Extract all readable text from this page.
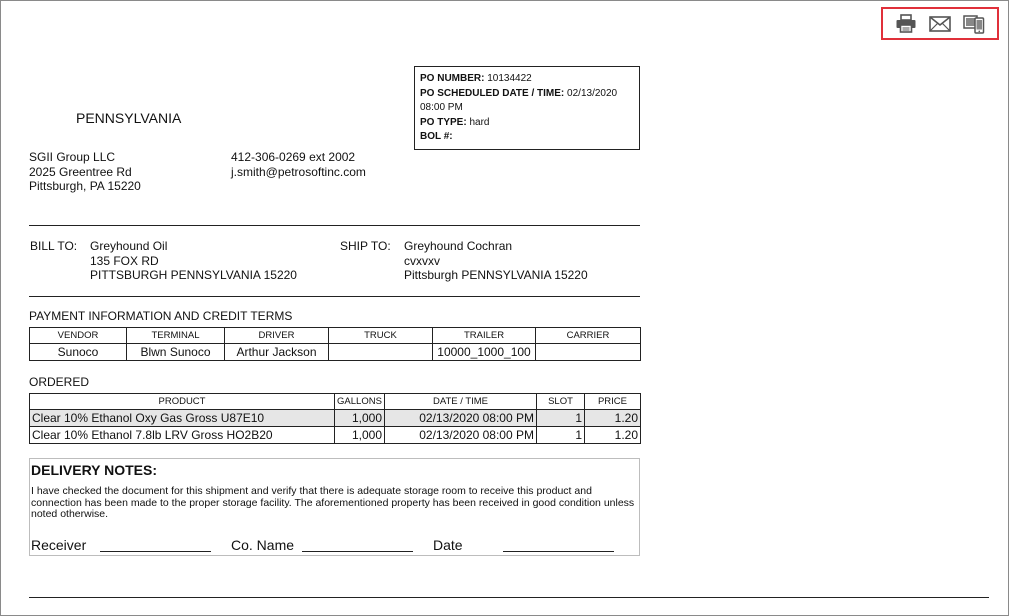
PO NUMBER: 10134422
PO SCHEDULED DATE / TIME: 02/13/2020
08:00 PM
PO TYPE: hard
BOL #:
PENNSYLVANIA
SGII Group LLC
2025 Greentree Rd
Pittsburgh, PA 15220
412-306-0269 ext 2002
j.smith@petrosoftinc.com
BILL TO: Greyhound Oil
135 FOX RD
PITTSBURGH PENNSYLVANIA 15220
SHIP TO: Greyhound Cochran
cvxvxv
Pittsburgh PENNSYLVANIA 15220
PAYMENT INFORMATION AND CREDIT TERMS
VENDOR	TERMINAL	DRIVER	TRUCK	TRAILER	CARRIER
Sunoco	Blwn Sunoco	Arthur Jackson		10000_1000_100	
ORDERED
PRODUCT	GALLONS	DATE / TIME	SLOT	PRICE
Clear 10% Ethanol Oxy Gas Gross U87E10	1,000	02/13/2020 08:00 PM	1	1.20
Clear 10% Ethanol 7.8lb LRV Gross HO2B20	1,000	02/13/2020 08:00 PM	1	1.20
DELIVERY NOTES:
I have checked the document for this shipment and verify that there is adequate storage room to receive this product and connection has been made to the proper storage facility. The aforementioned property has been received in good condition unless noted otherwise.
Receiver	Co. Name	Date
